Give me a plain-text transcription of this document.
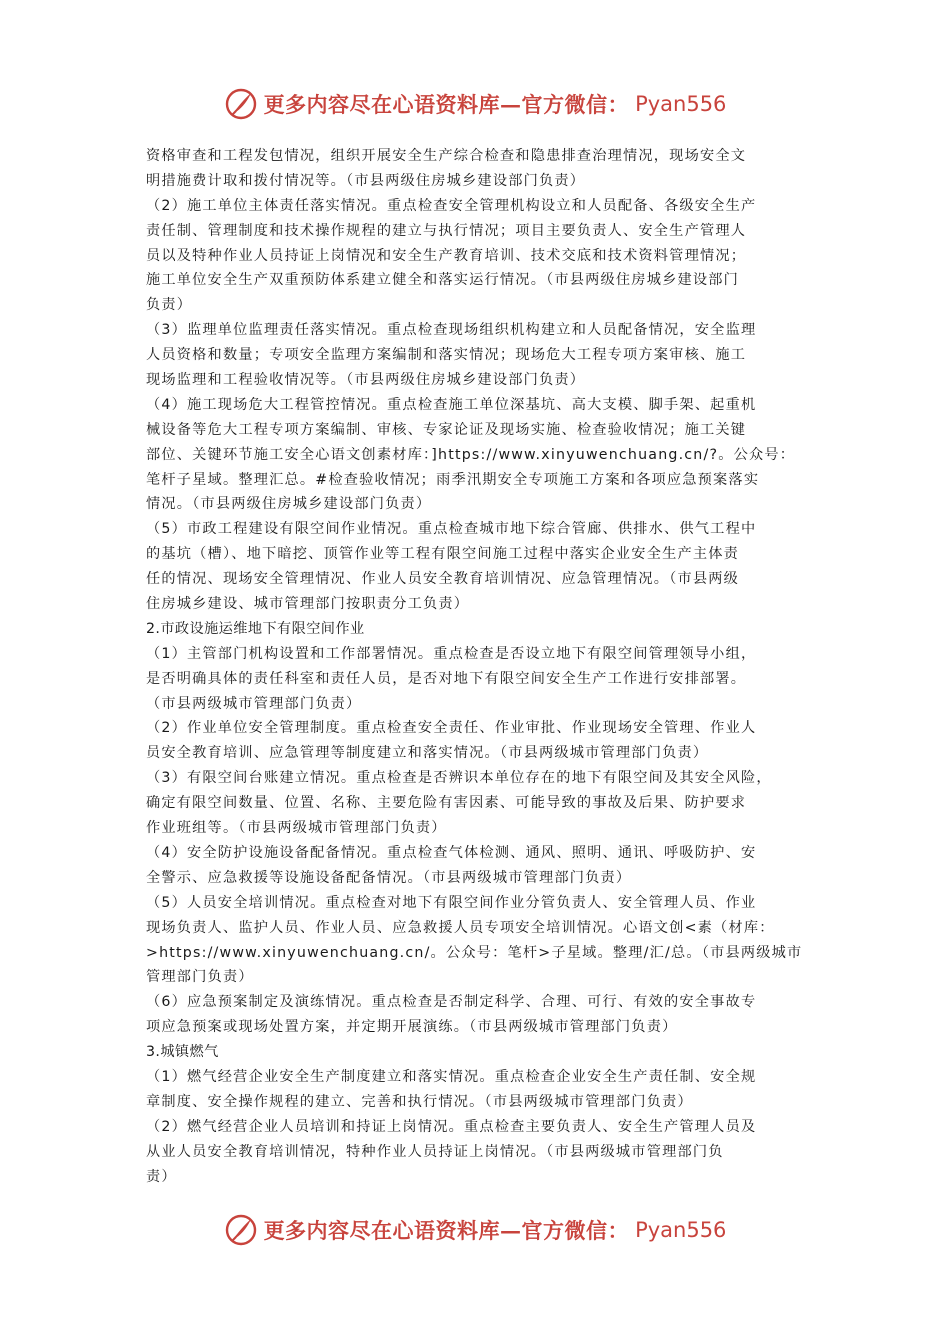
更多内容尽在心语资料库—官方微信： Pyan556
资格审查和工程发包情况，组织开展安全生产综合检查和隐患排查治理情况，现场安全文
明措施费计取和拨付情况等。（市县两级住房城乡建设部门负责）
（2）施工单位主体责任落实情况。重点检查安全管理机构设立和人员配备、各级安全生产
责任制、管理制度和技术操作规程的建立与执行情况；项目主要负责人、安全生产管理人
员以及特种作业人员持证上岗情况和安全生产教育培训、技术交底和技术资料管理情况；
施工单位安全生产双重预防体系建立健全和落实运行情况。（市县两级住房城乡建设部门
负责）
（3）监理单位监理责任落实情况。重点检查现场组织机构建立和人员配备情况，安全监理
人员资格和数量；专项安全监理方案编制和落实情况；现场危大工程专项方案审核、施工
现场监理和工程验收情况等。（市县两级住房城乡建设部门负责）
（4）施工现场危大工程管控情况。重点检查施工单位深基坑、高大支模、脚手架、起重机
械设备等危大工程专项方案编制、审核、专家论证及现场实施、检查验收情况；施工关键
部位、关键环节施工安全心语文创素材库：]https://www.xinyuwenchuang.cn/?。公众号：
笔杆子星域。整理汇总。#检查验收情况；雨季汛期安全专项施工方案和各项应急预案落实
情况。（市县两级住房城乡建设部门负责）
（5）市政工程建设有限空间作业情况。重点检查城市地下综合管廊、供排水、供气工程中
的基坑（槽）、地下暗挖、顶管作业等工程有限空间施工过程中落实企业安全生产主体责
任的情况、现场安全管理情况、作业人员安全教育培训情况、应急管理情况。（市县两级
住房城乡建设、城市管理部门按职责分工负责）
2.市政设施运维地下有限空间作业
（1）主管部门机构设置和工作部署情况。重点检查是否设立地下有限空间管理领导小组，
是否明确具体的责任科室和责任人员，是否对地下有限空间安全生产工作进行安排部署。
（市县两级城市管理部门负责）
（2）作业单位安全管理制度。重点检查安全责任、作业审批、作业现场安全管理、作业人
员安全教育培训、应急管理等制度建立和落实情况。（市县两级城市管理部门负责）
（3）有限空间台账建立情况。重点检查是否辨识本单位存在的地下有限空间及其安全风险，
确定有限空间数量、位置、名称、主要危险有害因素、可能导致的事故及后果、防护要求
作业班组等。（市县两级城市管理部门负责）
（4）安全防护设施设备配备情况。重点检查气体检测、通风、照明、通讯、呼吸防护、安
全警示、应急救援等设施设备配备情况。（市县两级城市管理部门负责）
（5）人员安全培训情况。重点检查对地下有限空间作业分管负责人、安全管理人员、作业
现场负责人、监护人员、作业人员、应急救援人员专项安全培训情况。心语文创<素（材库：
>https://www.xinyuwenchuang.cn/。公众号：笔杆>子星域。整理/汇/总。（市县两级城市
管理部门负责）
（6）应急预案制定及演练情况。重点检查是否制定科学、合理、可行、有效的安全事故专
项应急预案或现场处置方案，并定期开展演练。（市县两级城市管理部门负责）
3.城镇燃气
（1）燃气经营企业安全生产制度建立和落实情况。重点检查企业安全生产责任制、安全规
章制度、安全操作规程的建立、完善和执行情况。（市县两级城市管理部门负责）
（2）燃气经营企业人员培训和持证上岗情况。重点检查主要负责人、安全生产管理人员及
从业人员安全教育培训情况，特种作业人员持证上岗情况。（市县两级城市管理部门负
责）
更多内容尽在心语资料库—官方微信： Pyan556
